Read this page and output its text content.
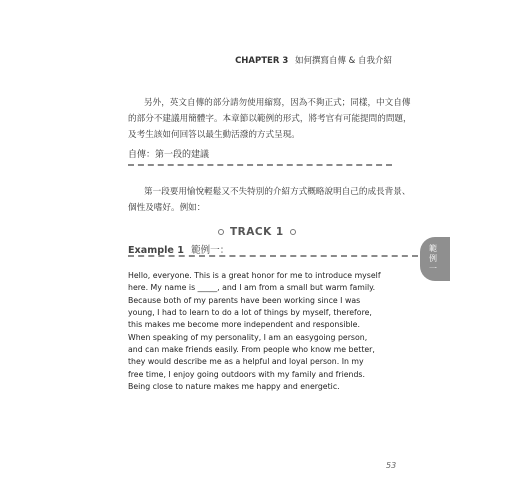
CHAPTER 3 如何撰寫自傳 & 自我介紹
另外，英文自傳的部分請勿使用縮寫，因為不夠正式；同樣，中文自傳
的部分不建議用簡體字。本章節以範例的形式，將考官有可能提問的問題，
及考生該如何回答以最生動活潑的方式呈現。
自傳：第一段的建議
第一段要用愉悅輕鬆又不失特別的介紹方式概略說明自己的成長背景、
個性及嗜好。例如：
TRACK 1
Example 1 範例一：	範
例
一
Hello, everyone. This is a great honor for me to introduce myself
here. My name is _____, and I am from a small but warm family.
Because both of my parents have been working since I was
young, I had to learn to do a lot of things by myself, therefore,
this makes me become more independent and responsible.
When speaking of my personality, I am an easygoing person,
and can make friends easily. From people who know me better,
they would describe me as a helpful and loyal person. In my
free time, I enjoy going outdoors with my family and friends.
Being close to nature makes me happy and energetic.
53
